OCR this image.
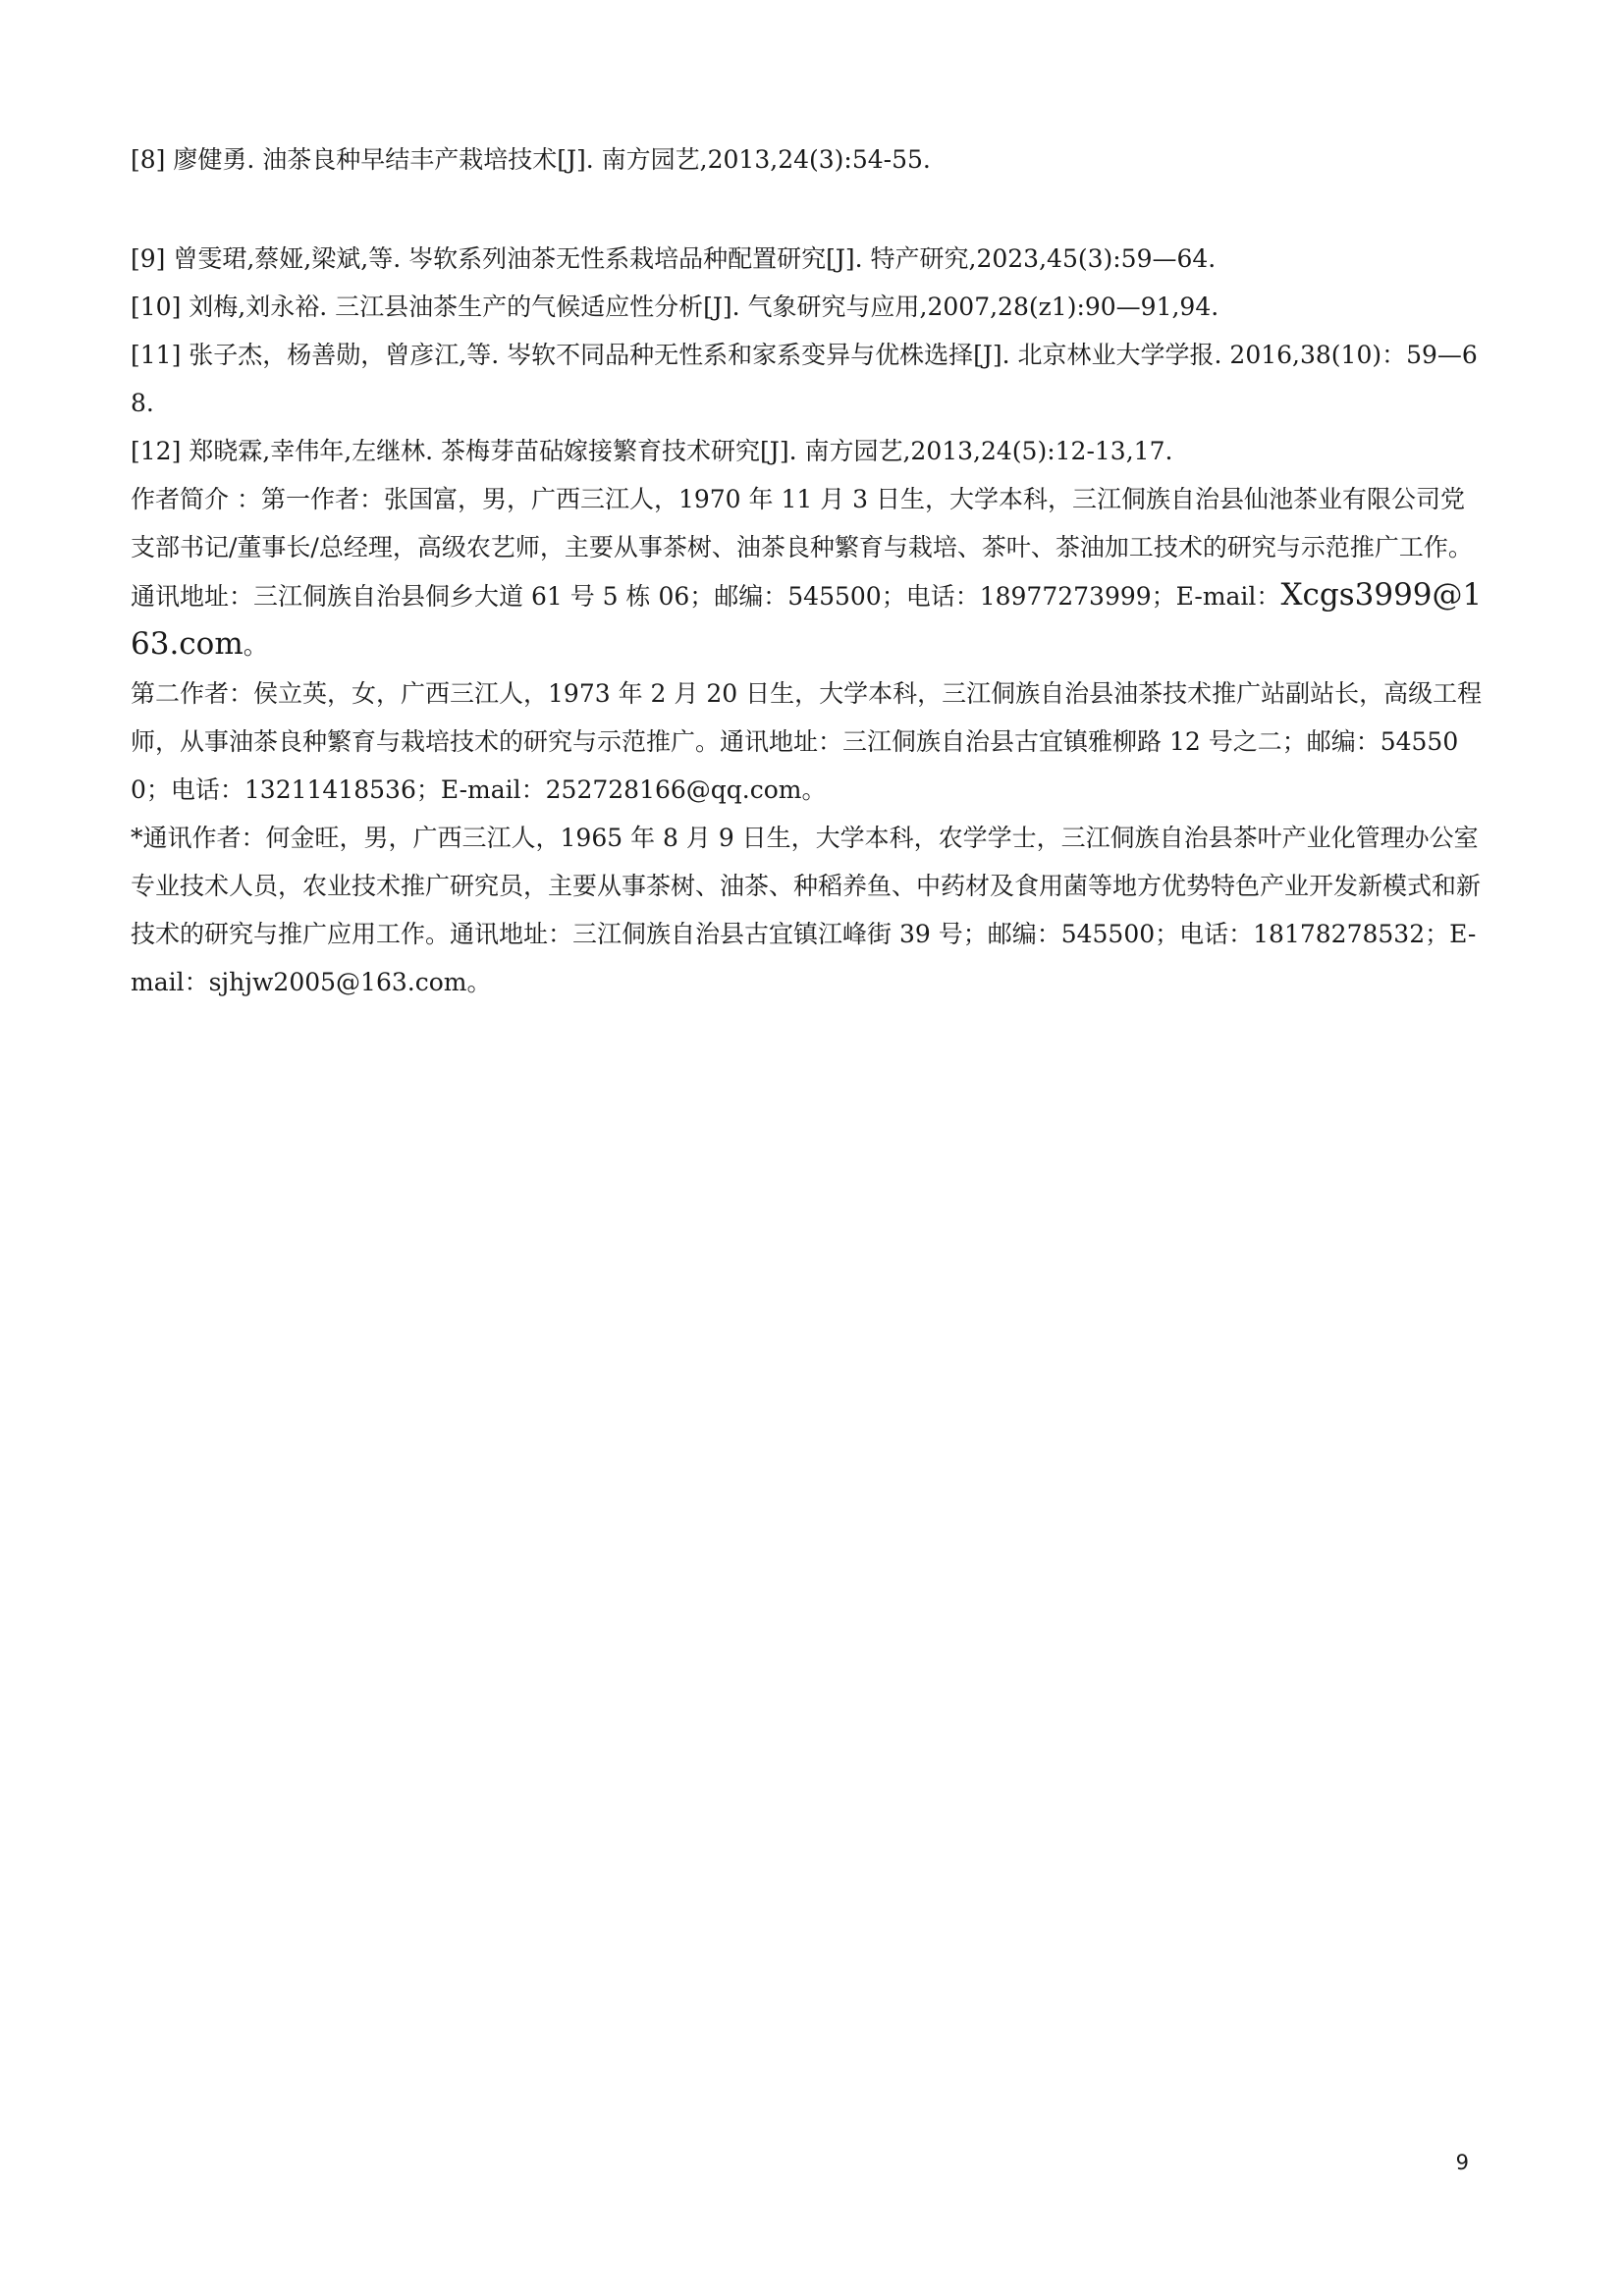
[8] 廖健勇. 油茶良种早结丰产栽培技术[J]. 南方园艺,2013,24(3):54-55.

[9] 曾雯珺,蔡娅,梁斌,等. 岑软系列油茶无性系栽培品种配置研究[J]. 特产研究,2023,45(3):59—64.

[10] 刘梅,刘永裕. 三江县油茶生产的气候适应性分析[J]. 气象研究与应用,2007,28(z1):90—91,94.

[11] 张子杰，杨善勋，曾彦江,等. 岑软不同品种无性系和家系变异与优株选择[J]. 北京林业大学学报. 2016,38(10)：59—68.

[12] 郑晓霖,幸伟年,左继林. 茶梅芽苗砧嫁接繁育技术研究[J]. 南方园艺,2013,24(5):12-13,17.

作者简介 ：第一作者：张国富，男，广西三江人，1970 年 11 月 3 日生，大学本科，三江侗族自治县仙池茶业有限公司党支部书记/董事长/总经理，高级农艺师，主要从事茶树、油茶良种繁育与栽培、茶叶、茶油加工技术的研究与示范推广工作。通讯地址：三江侗族自治县侗乡大道 61 号 5 栋 06；邮编：545500；电话：18977273999；E-mail：Xcgs3999@163.com。

第二作者：侯立英，女，广西三江人，1973 年 2 月 20 日生，大学本科，三江侗族自治县油茶技术推广站副站长，高级工程师，从事油茶良种繁育与栽培技术的研究与示范推广。通讯地址：三江侗族自治县古宜镇雅柳路 12 号之二；邮编：545500；电话：13211418536；E-mail：252728166@qq.com。

*通讯作者：何金旺，男，广西三江人，1965 年 8 月 9 日生，大学本科，农学学士，三江侗族自治县茶叶产业化管理办公室专业技术人员，农业技术推广研究员，主要从事茶树、油茶、种稻养鱼、中药材及食用菌等地方优势特色产业开发新模式和新技术的研究与推广应用工作。通讯地址：三江侗族自治县古宜镇江峰街 39 号；邮编：545500；电话：18178278532；E-mail：sjhjw2005@163.com。

9
